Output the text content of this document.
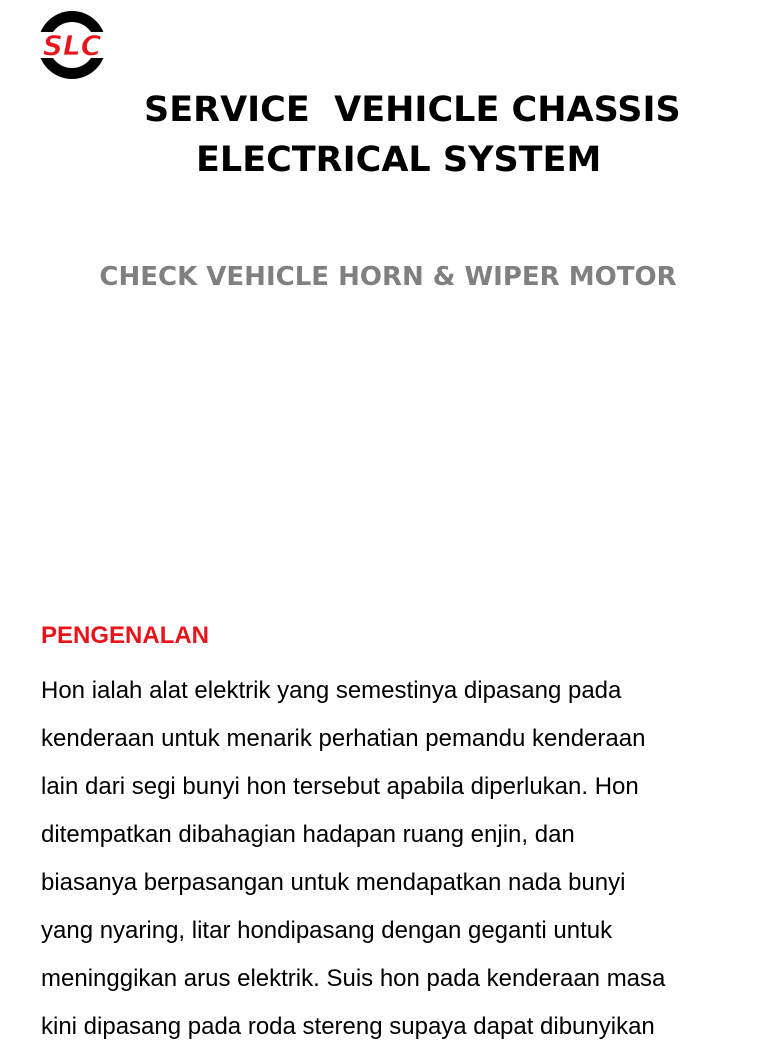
SLC
SERVICE  VEHICLE CHASSIS
ELECTRICAL SYSTEM
CHECK VEHICLE HORN & WIPER MOTOR
PENGENALAN
Hon ialah alat elektrik yang semestinya dipasang pada
kenderaan untuk menarik perhatian pemandu kenderaan
lain dari segi bunyi hon tersebut apabila diperlukan. Hon
ditempatkan dibahagian hadapan ruang enjin, dan
biasanya berpasangan untuk mendapatkan nada bunyi
yang nyaring, litar hondipasang dengan geganti untuk
meninggikan arus elektrik. Suis hon pada kenderaan masa
kini dipasang pada roda stereng supaya dapat dibunyikan
